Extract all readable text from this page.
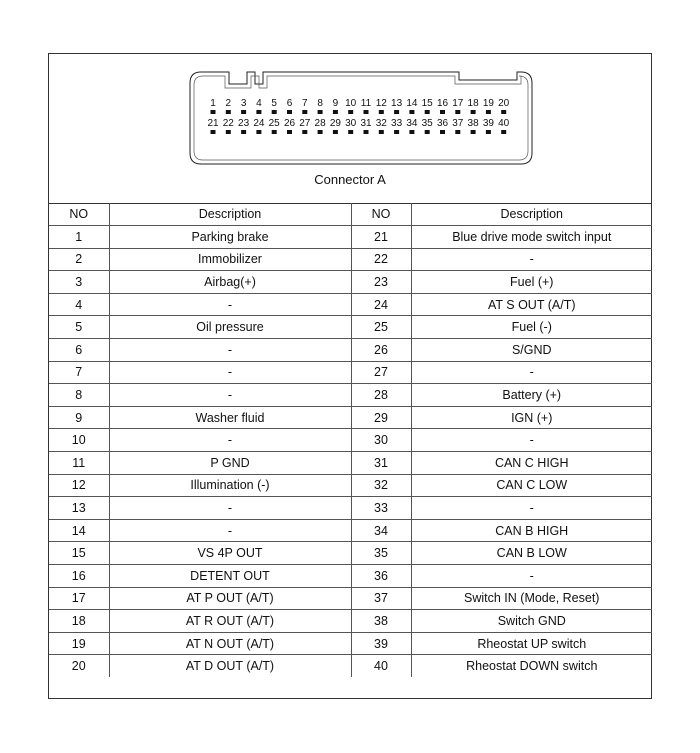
1 2 3 4 5 6 7 8 9 10 11 12 13 14 15 16 17 18 19 20
21 22 23 24 25 26 27 28 29 30 31 32 33 34 35 36 37 38 39 40
Connector A
NO	Description	NO	Description
1	Parking brake	21	Blue drive mode switch input
2	Immobilizer	22	-
3	Airbag(+)	23	Fuel (+)
4	-	24	AT S OUT (A/T)
5	Oil pressure	25	Fuel (-)
6	-	26	S/GND
7	-	27	-
8	-	28	Battery (+)
9	Washer fluid	29	IGN (+)
10	-	30	-
11	P GND	31	CAN C HIGH
12	Illumination (-)	32	CAN C LOW
13	-	33	-
14	-	34	CAN B HIGH
15	VS 4P OUT	35	CAN B LOW
16	DETENT OUT	36	-
17	AT P OUT (A/T)	37	Switch IN (Mode, Reset)
18	AT R OUT (A/T)	38	Switch GND
19	AT N OUT (A/T)	39	Rheostat UP switch
20	AT D OUT (A/T)	40	Rheostat DOWN switch
